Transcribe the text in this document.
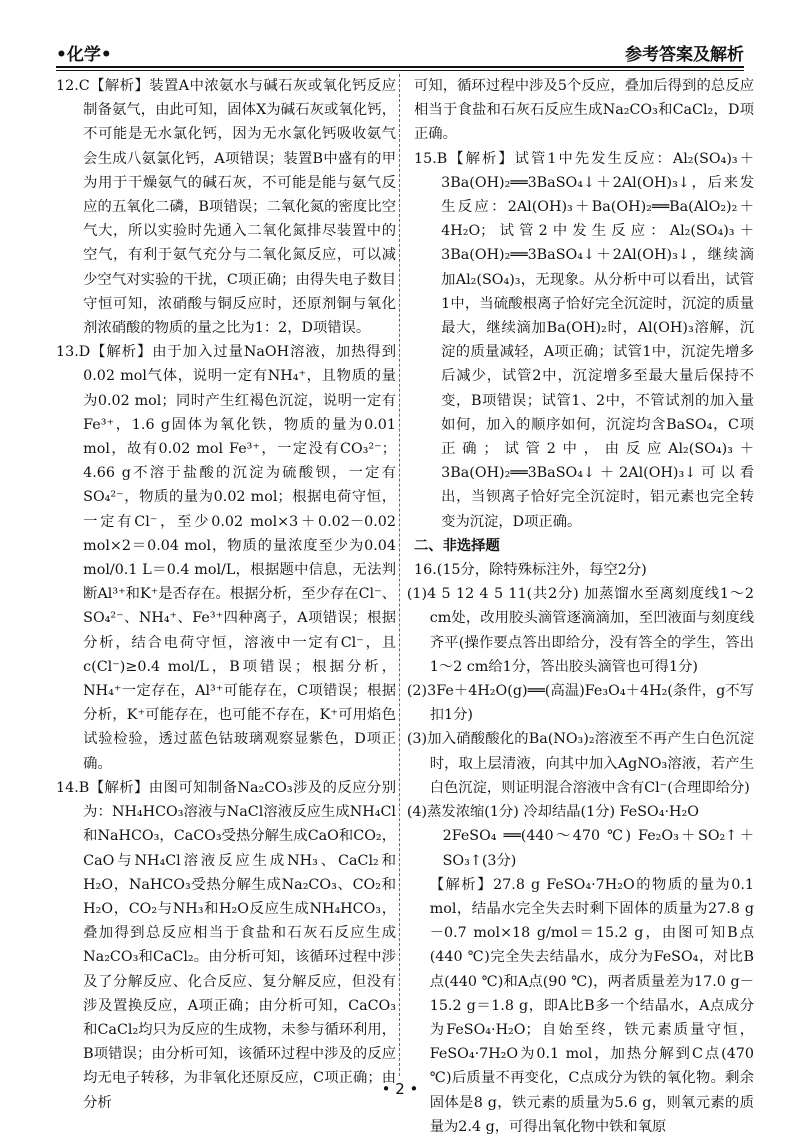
•化学•	参考答案及解析

12.C【解析】装置A中浓氨水与碱石灰或氧化钙反应制备氨气，由此可知，固体X为碱石灰或氧化钙，不可能是无水氯化钙，因为无水氯化钙吸收氨气会生成八氨氯化钙，A项错误；装置B中盛有的甲为用于干燥氨气的碱石灰，不可能是能与氨气反应的五氧化二磷，B项错误；二氧化氮的密度比空气大，所以实验时先通入二氧化氮排尽装置中的空气，有利于氨气充分与二氧化氮反应，可以减少空气对实验的干扰，C项正确；由得失电子数目守恒可知，浓硝酸与铜反应时，还原剂铜与氧化剂浓硝酸的物质的量之比为1：2，D项错误。

13.D【解析】由于加入过量NaOH溶液，加热得到0.02 mol气体，说明一定有NH₄⁺，且物质的量为0.02 mol；同时产生红褐色沉淀，说明一定有Fe³⁺，1.6 g固体为氧化铁，物质的量为0.01 mol，故有0.02 mol Fe³⁺，一定没有CO₃²⁻；4.66 g不溶于盐酸的沉淀为硫酸钡，一定有SO₄²⁻，物质的量为0.02 mol；根据电荷守恒，一定有Cl⁻，至少0.02 mol×3＋0.02－0.02 mol×2＝0.04 mol，物质的量浓度至少为0.04 mol/0.1 L＝0.4 mol/L，根据题中信息，无法判断Al³⁺和K⁺是否存在。根据分析，至少存在Cl⁻、SO₄²⁻、NH₄⁺、Fe³⁺四种离子，A项错误；根据分析，结合电荷守恒，溶液中一定有Cl⁻，且c(Cl⁻)≥0.4 mol/L，B项错误；根据分析，NH₄⁺一定存在，Al³⁺可能存在，C项错误；根据分析，K⁺可能存在，也可能不存在，K⁺可用焰色试验检验，透过蓝色钴玻璃观察显紫色，D项正确。

14.B【解析】由图可知制备Na₂CO₃涉及的反应分别为：NH₄HCO₃溶液与NaCl溶液反应生成NH₄Cl和NaHCO₃，CaCO₃受热分解生成CaO和CO₂，CaO与NH₄Cl溶液反应生成NH₃、CaCl₂和H₂O，NaHCO₃受热分解生成Na₂CO₃、CO₂和H₂O，CO₂与NH₃和H₂O反应生成NH₄HCO₃，叠加得到总反应相当于食盐和石灰石反应生成Na₂CO₃和CaCl₂。由分析可知，该循环过程中涉及了分解反应、化合反应、复分解反应，但没有涉及置换反应，A项正确；由分析可知，CaCO₃和CaCl₂均只为反应的生成物，未参与循环利用，B项错误；由分析可知，该循环过程中涉及的反应均无电子转移，为非氧化还原反应，C项正确；由分析

可知，循环过程中涉及5个反应，叠加后得到的总反应相当于食盐和石灰石反应生成Na₂CO₃和CaCl₂，D项正确。

15.B【解析】试管1中先发生反应：Al₂(SO₄)₃＋3Ba(OH)₂══3BaSO₄↓＋2Al(OH)₃↓，后来发生反应：2Al(OH)₃＋Ba(OH)₂══Ba(AlO₂)₂＋4H₂O；试管2中发生反应：Al₂(SO₄)₃＋3Ba(OH)₂══3BaSO₄↓＋2Al(OH)₃↓，继续滴加Al₂(SO₄)₃，无现象。从分析中可以看出，试管1中，当硫酸根离子恰好完全沉淀时，沉淀的质量最大，继续滴加Ba(OH)₂时，Al(OH)₃溶解，沉淀的质量减轻，A项正确；试管1中，沉淀先增多后减少，试管2中，沉淀增多至最大量后保持不变，B项错误；试管1、2中，不管试剂的加入量如何，加入的顺序如何，沉淀均含BaSO₄，C项正确；试管2中，由反应Al₂(SO₄)₃＋3Ba(OH)₂══3BaSO₄↓＋2Al(OH)₃↓可以看出，当钡离子恰好完全沉淀时，铝元素也完全转变为沉淀，D项正确。

二、非选择题

16.(15分，除特殊标注外，每空2分)

(1)4 5 12 4 5 11(共2分) 加蒸馏水至离刻度线1～2 cm处，改用胶头滴管逐滴滴加，至凹液面与刻度线齐平(操作要点答出即给分，没有答全的学生，答出1～2 cm给1分，答出胶头滴管也可得1分)

(2)3Fe＋4H₂O(g)══(高温)Fe₃O₄＋4H₂(条件，g不写扣1分)

(3)加入硝酸酸化的Ba(NO₃)₂溶液至不再产生白色沉淀时，取上层清液，向其中加入AgNO₃溶液，若产生白色沉淀，则证明混合溶液中含有Cl⁻(合理即给分)

(4)蒸发浓缩(1分) 冷却结晶(1分) FeSO₄·H₂O

2FeSO₄ ══(440～470 ℃) Fe₂O₃＋SO₂↑＋SO₃↑(3分)

【解析】27.8 g FeSO₄·7H₂O的物质的量为0.1 mol，结晶水完全失去时剩下固体的质量为27.8 g－0.7 mol×18 g/mol＝15.2 g，由图可知B点(440 ℃)完全失去结晶水，成分为FeSO₄，对比B点(440 ℃)和A点(90 ℃)，两者质量差为17.0 g－15.2 g＝1.8 g，即A比B多一个结晶水，A点成分为FeSO₄·H₂O；自始至终，铁元素质量守恒，FeSO₄·7H₂O为0.1 mol，加热分解到C点(470 ℃)后质量不再变化，C点成分为铁的氧化物。剩余固体是8 g，铁元素的质量为5.6 g，则氧元素的质量为2.4 g，可得出氧化物中铁和氧原

• 2 •
